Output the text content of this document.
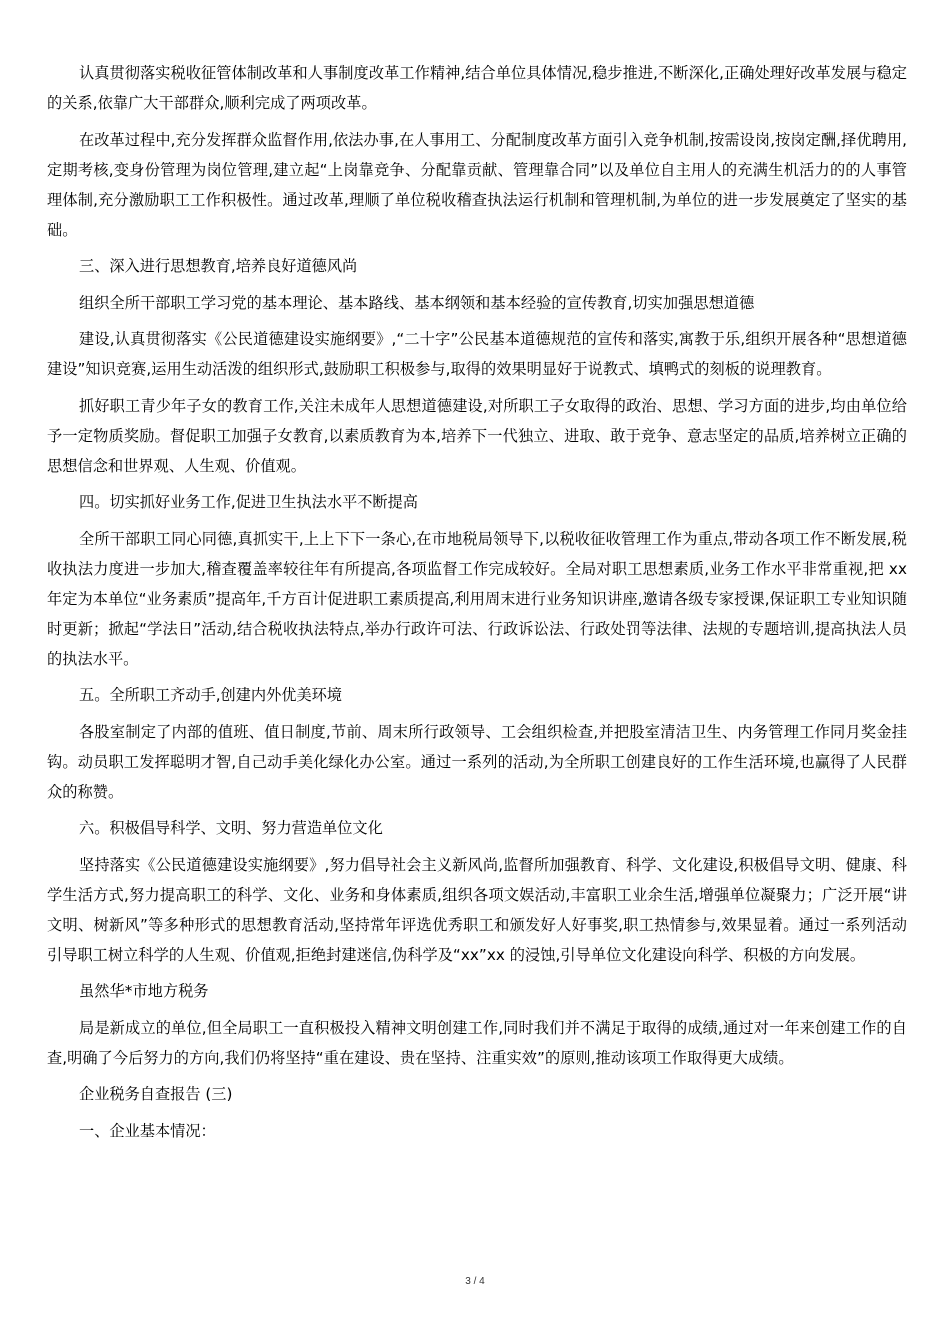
认真贯彻落实税收征管体制改革和人事制度改革工作精神,结合单位具体情况,稳步推进,不断深化,正确处理好改革发展与稳定的关系,依靠广大干部群众,顺利完成了两项改革。

在改革过程中,充分发挥群众监督作用,依法办事,在人事用工、分配制度改革方面引入竞争机制,按需设岗,按岗定酬,择优聘用,定期考核,变身份管理为岗位管理,建立起“上岗靠竞争、分配靠贡献、管理靠合同”以及单位自主用人的充满生机活力的的人事管理体制,充分激励职工工作积极性。通过改革,理顺了单位税收稽查执法运行机制和管理机制,为单位的进一步发展奠定了坚实的基础。

三、深入进行思想教育,培养良好道德风尚

组织全所干部职工学习党的基本理论、基本路线、基本纲领和基本经验的宣传教育,切实加强思想道德

建设,认真贯彻落实《公民道德建设实施纲要》,“二十字”公民基本道德规范的宣传和落实,寓教于乐,组织开展各种“思想道德建设”知识竞赛,运用生动活泼的组织形式,鼓励职工积极参与,取得的效果明显好于说教式、填鸭式的刻板的说理教育。

抓好职工青少年子女的教育工作,关注未成年人思想道德建设,对所职工子女取得的政治、思想、学习方面的进步,均由单位给予一定物质奖励。督促职工加强子女教育,以素质教育为本,培养下一代独立、进取、敢于竞争、意志坚定的品质,培养树立正确的思想信念和世界观、人生观、价值观。

四。切实抓好业务工作,促进卫生执法水平不断提高

全所干部职工同心同德,真抓实干,上上下下一条心,在市地税局领导下,以税收征收管理工作为重点,带动各项工作不断发展,税收执法力度进一步加大,稽查覆盖率较往年有所提高,各项监督工作完成较好。全局对职工思想素质,业务工作水平非常重视,把 xx 年定为本单位“业务素质”提高年,千方百计促进职工素质提高,利用周末进行业务知识讲座,邀请各级专家授课,保证职工专业知识随时更新；掀起“学法日”活动,结合税收执法特点,举办行政许可法、行政诉讼法、行政处罚等法律、法规的专题培训,提高执法人员的执法水平。

五。全所职工齐动手,创建内外优美环境

各股室制定了内部的值班、值日制度,节前、周末所行政领导、工会组织检查,并把股室清洁卫生、内务管理工作同月奖金挂钩。动员职工发挥聪明才智,自己动手美化绿化办公室。通过一系列的活动,为全所职工创建良好的工作生活环境,也赢得了人民群众的称赞。

六。积极倡导科学、文明、努力营造单位文化

坚持落实《公民道德建设实施纲要》,努力倡导社会主义新风尚,监督所加强教育、科学、文化建设,积极倡导文明、健康、科学生活方式,努力提高职工的科学、文化、业务和身体素质,组织各项文娱活动,丰富职工业余生活,增强单位凝聚力；广泛开展“讲文明、树新风”等多种形式的思想教育活动,坚持常年评选优秀职工和颁发好人好事奖,职工热情参与,效果显着。通过一系列活动引导职工树立科学的人生观、价值观,拒绝封建迷信,伪科学及“xx”xx 的浸蚀,引导单位文化建设向科学、积极的方向发展。

虽然华*市地方税务

局是新成立的单位,但全局职工一直积极投入精神文明创建工作,同时我们并不满足于取得的成绩,通过对一年来创建工作的自查,明确了今后努力的方向,我们仍将坚持“重在建设、贵在坚持、注重实效”的原则,推动该项工作取得更大成绩。

企业税务自查报告 (三)

一、企业基本情况：

3 / 4
